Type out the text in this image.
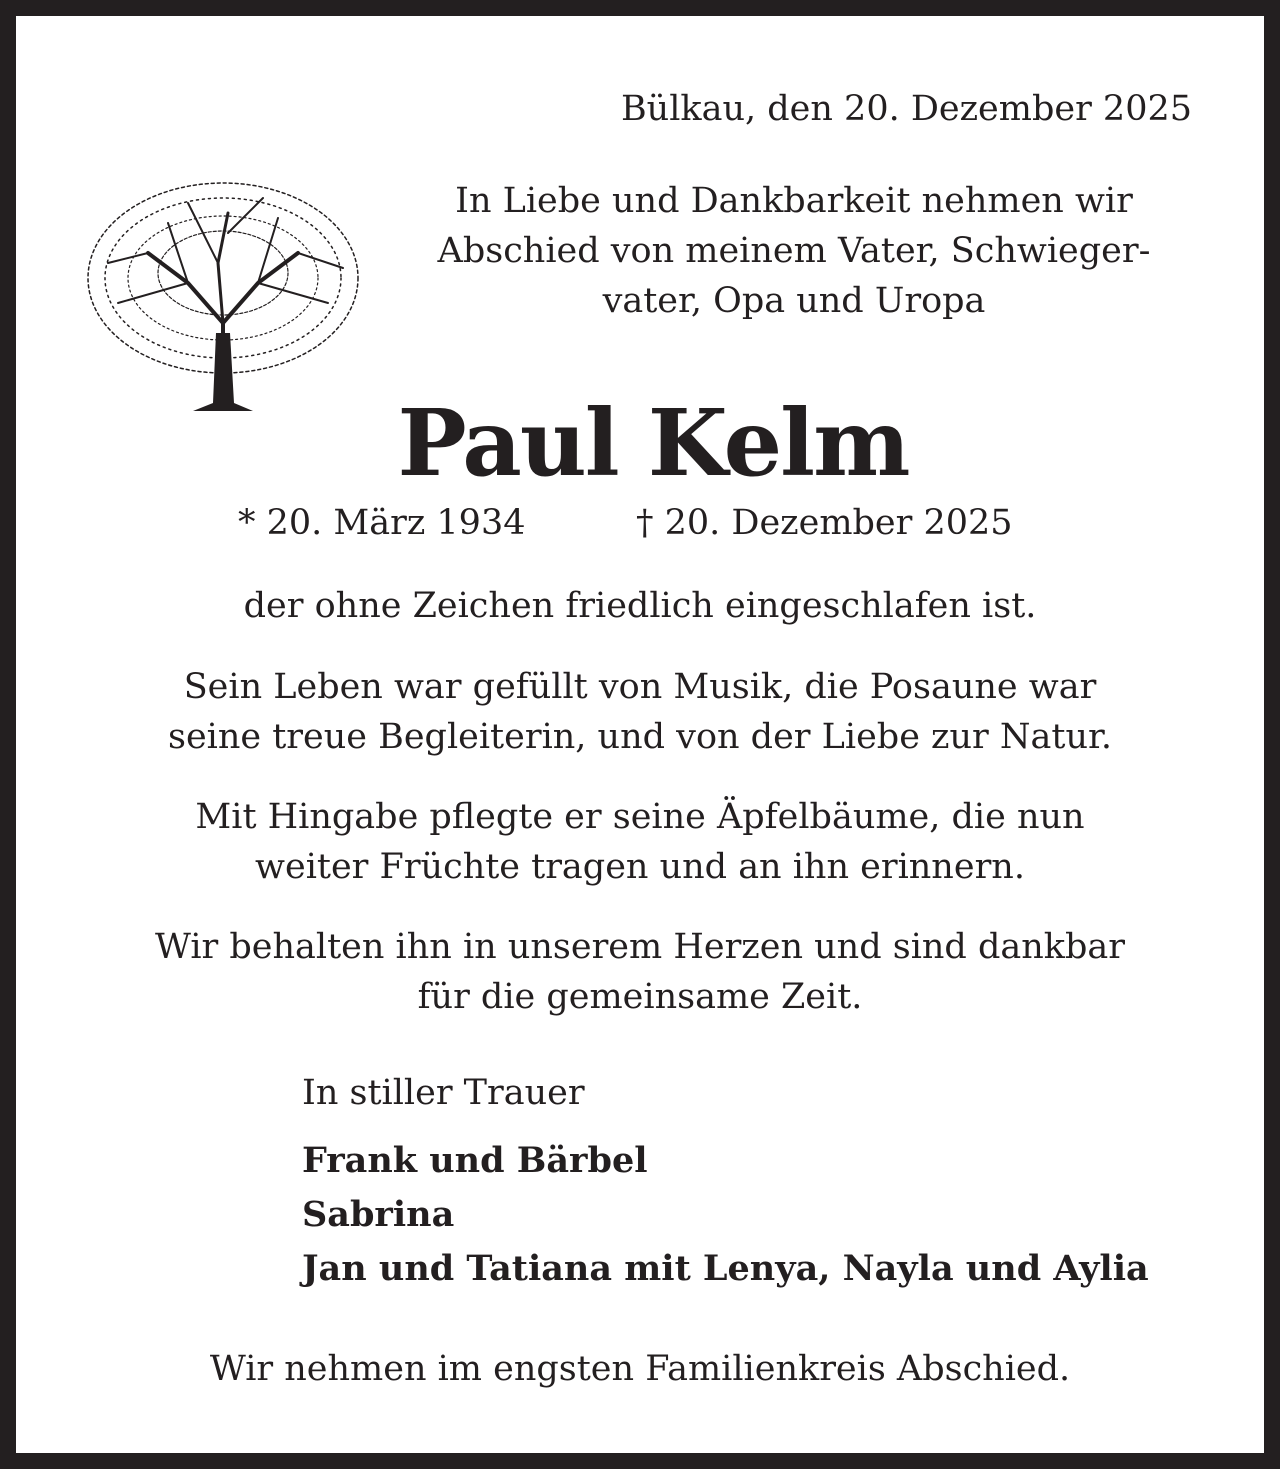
Bülkau, den 20. Dezember 2025
In Liebe und Dankbarkeit nehmen wir
Abschied von meinem Vater, Schwieger-
vater, Opa und Uropa
Paul Kelm
* 20. März 1934	† 20. Dezember 2025
der ohne Zeichen friedlich eingeschlafen ist.
Sein Leben war gefüllt von Musik, die Posaune war
seine treue Begleiterin, und von der Liebe zur Natur.
Mit Hingabe pflegte er seine Äpfelbäume, die nun
weiter Früchte tragen und an ihn erinnern.
Wir behalten ihn in unserem Herzen und sind dankbar
für die gemeinsame Zeit.
In stiller Trauer
Frank und Bärbel
Sabrina
Jan und Tatiana mit Lenya, Nayla und Aylia
Wir nehmen im engsten Familienkreis Abschied.
